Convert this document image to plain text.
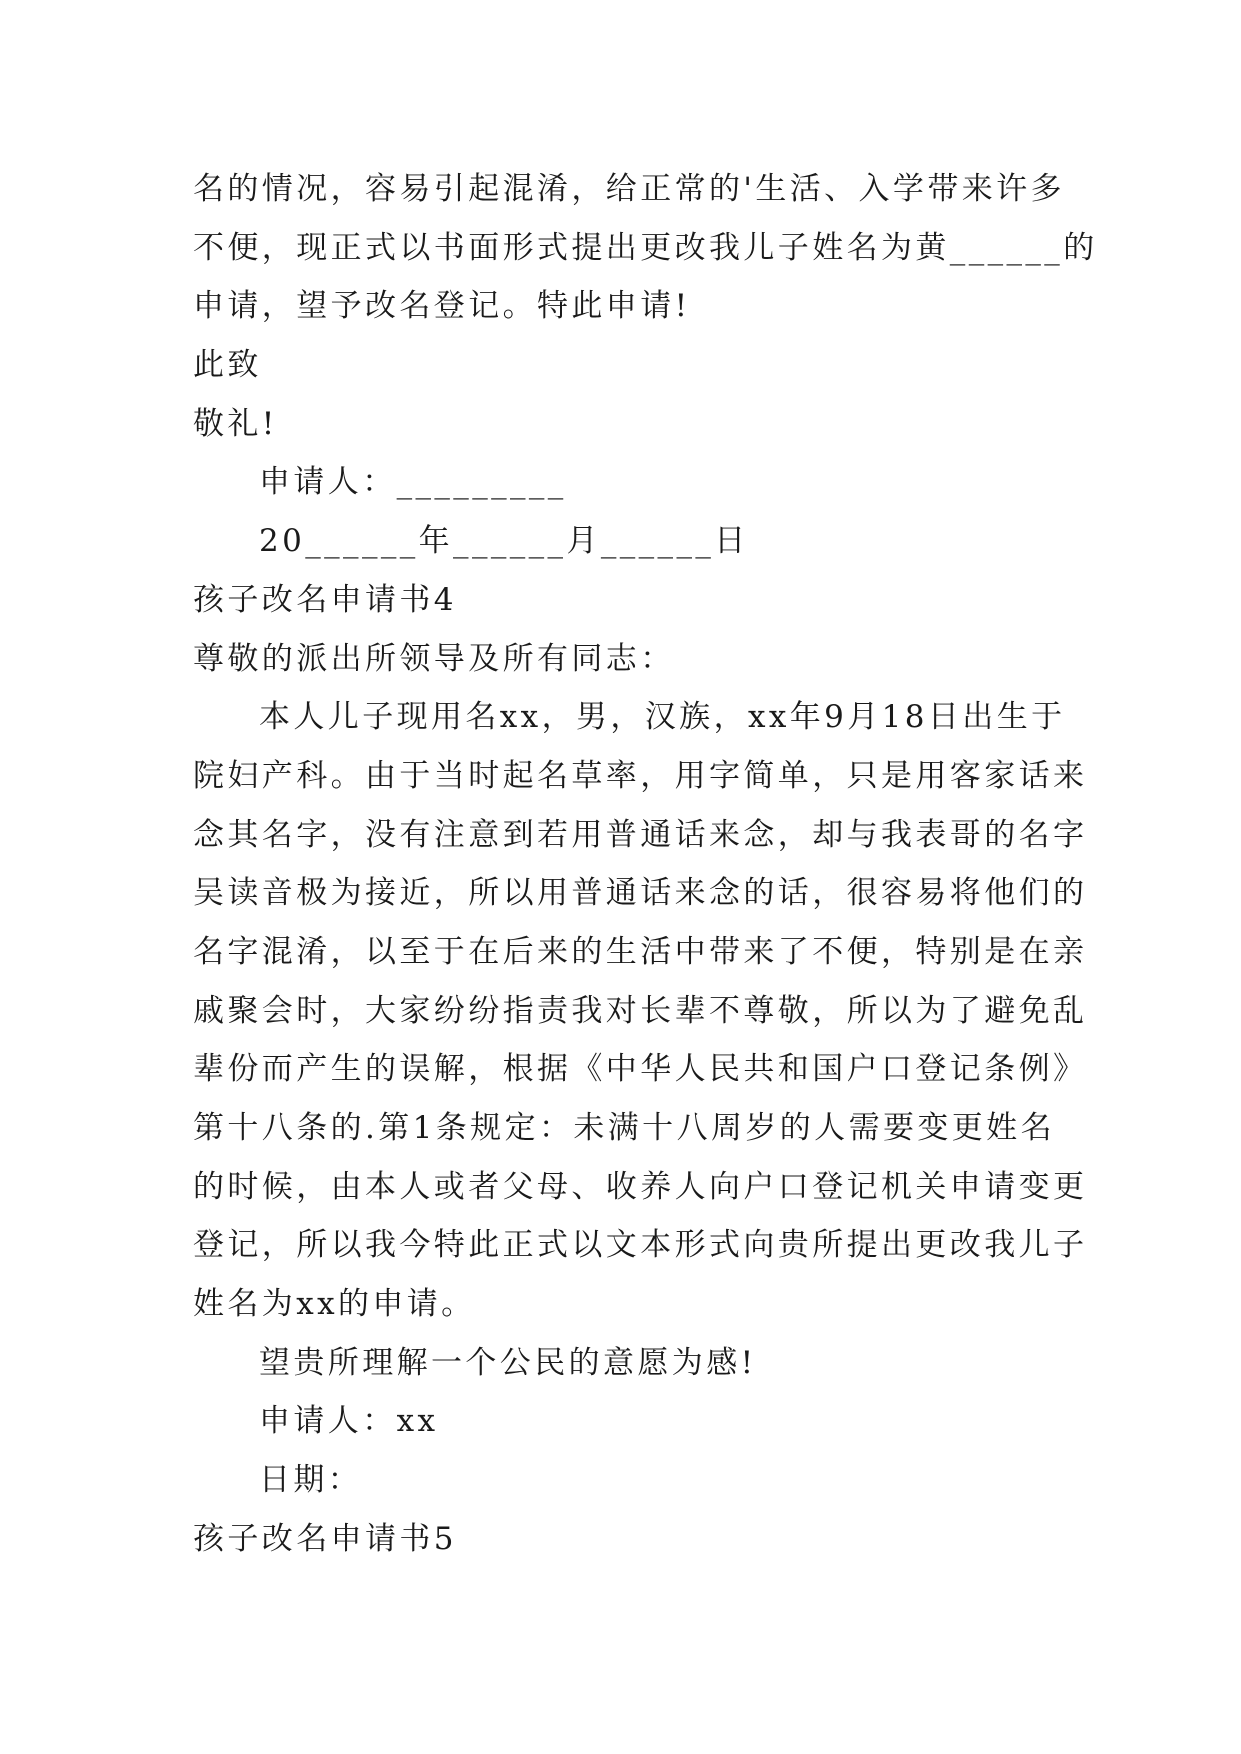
名的情况，容易引起混淆，给正常的'生活、入学带来许多
不便，现正式以书面形式提出更改我儿子姓名为黄______的
申请，望予改名登记。特此申请!
此致
敬礼!
申请人：_________
20______年______月______日
孩子改名申请书4
尊敬的派出所领导及所有同志：
本人儿子现用名xx，男，汉族，xx年9月18日出生于
院妇产科。由于当时起名草率，用字简单，只是用客家话来
念其名字，没有注意到若用普通话来念，却与我表哥的名字
吴读音极为接近，所以用普通话来念的话，很容易将他们的
名字混淆，以至于在后来的生活中带来了不便，特别是在亲
戚聚会时，大家纷纷指责我对长辈不尊敬，所以为了避免乱
辈份而产生的误解，根据《中华人民共和国户口登记条例》
第十八条的.第1条规定：未满十八周岁的人需要变更姓名
的时候，由本人或者父母、收养人向户口登记机关申请变更
登记，所以我今特此正式以文本形式向贵所提出更改我儿子
姓名为xx的申请。
望贵所理解一个公民的意愿为感!
申请人：xx
日期：
孩子改名申请书5
